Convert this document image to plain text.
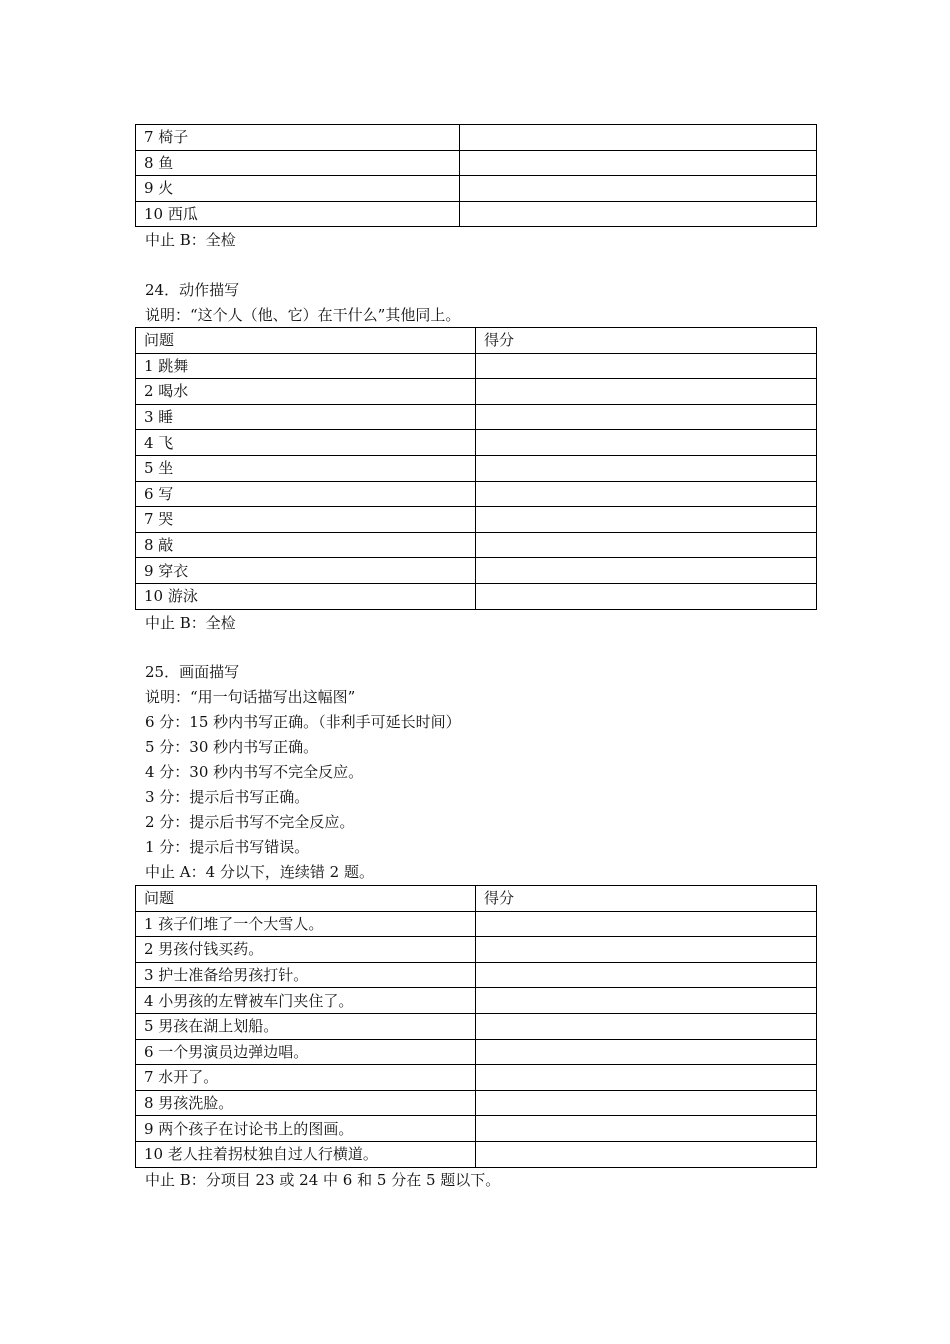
7 椅子	
8 鱼	
9 火	
10 西瓜	
中止 B：全检
24．动作描写
说明：“这个人（他、它）在干什么”其他同上。
问题	得分
1 跳舞	
2 喝水	
3 睡	
4 飞	
5 坐	
6 写	
7 哭	
8 敲	
9 穿衣	
10 游泳	
中止 B：全检
25．画面描写
说明：“用一句话描写出这幅图”
6 分：15 秒内书写正确。（非利手可延长时间）
5 分：30 秒内书写正确。
4 分：30 秒内书写不完全反应。
3 分：提示后书写正确。
2 分：提示后书写不完全反应。
1 分：提示后书写错误。
中止 A：4 分以下，连续错 2 题。
问题	得分
1 孩子们堆了一个大雪人。	
2 男孩付钱买药。	
3 护士准备给男孩打针。	
4 小男孩的左臂被车门夹住了。	
5 男孩在湖上划船。	
6 一个男演员边弹边唱。	
7 水开了。	
8 男孩洗脸。	
9 两个孩子在讨论书上的图画。	
10 老人拄着拐杖独自过人行横道。	
中止 B：分项目 23 或 24 中 6 和 5 分在 5 题以下。
